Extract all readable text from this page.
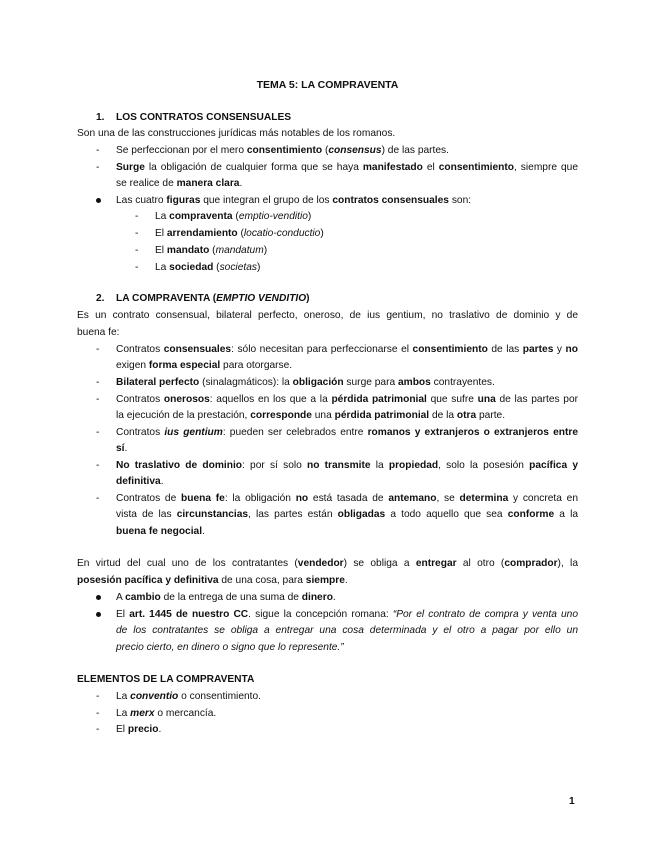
TEMA 5: LA COMPRAVENTA
1. LOS CONTRATOS CONSENSUALES
Son una de las construcciones jurídicas más notables de los romanos.
- Se perfeccionan por el mero consentimiento (consensus) de las partes.
- Surge la obligación de cualquier forma que se haya manifestado el consentimiento, siempre que
se realice de manera clara.
Las cuatro figuras que integran el grupo de los contratos consensuales son:
- La compraventa (emptio-venditio)
- El arrendamiento (locatio-conductio)
- El mandato (mandatum)
- La sociedad (societas)
2. LA COMPRAVENTA (EMPTIO VENDITIO)
Es un contrato consensual, bilateral perfecto, oneroso, de ius gentium, no traslativo de dominio y de
buena fe:
- Contratos consensuales: sólo necesitan para perfeccionarse el consentimiento de las partes y no
exigen forma especial para otorgarse.
- Bilateral perfecto (sinalagmáticos): la obligación surge para ambos contrayentes.
- Contratos onerosos: aquellos en los que a la pérdida patrimonial que sufre una de las partes por
la ejecución de la prestación, corresponde una pérdida patrimonial de la otra parte.
- Contratos ius gentium: pueden ser celebrados entre romanos y extranjeros o extranjeros entre
sí.
- No traslativo de dominio: por sí solo no transmite la propiedad, solo la posesión pacífica y
definitiva.
- Contratos de buena fe: la obligación no está tasada de antemano, se determina y concreta en
vista de las circunstancias, las partes están obligadas a todo aquello que sea conforme a la
buena fe negocial.
En virtud del cual uno de los contratantes (vendedor) se obliga a entregar al otro (comprador), la
posesión pacífica y definitiva de una cosa, para siempre.
A cambio de la entrega de una suma de dinero.
El art. 1445 de nuestro CC. sigue la concepción romana: “Por el contrato de compra y venta uno
de los contratantes se obliga a entregar una cosa determinada y el otro a pagar por ello un
precio cierto, en dinero o signo que lo represente.”
ELEMENTOS DE LA COMPRAVENTA
- La conventio o consentimiento.
- La merx o mercancía.
- El precio.
1
